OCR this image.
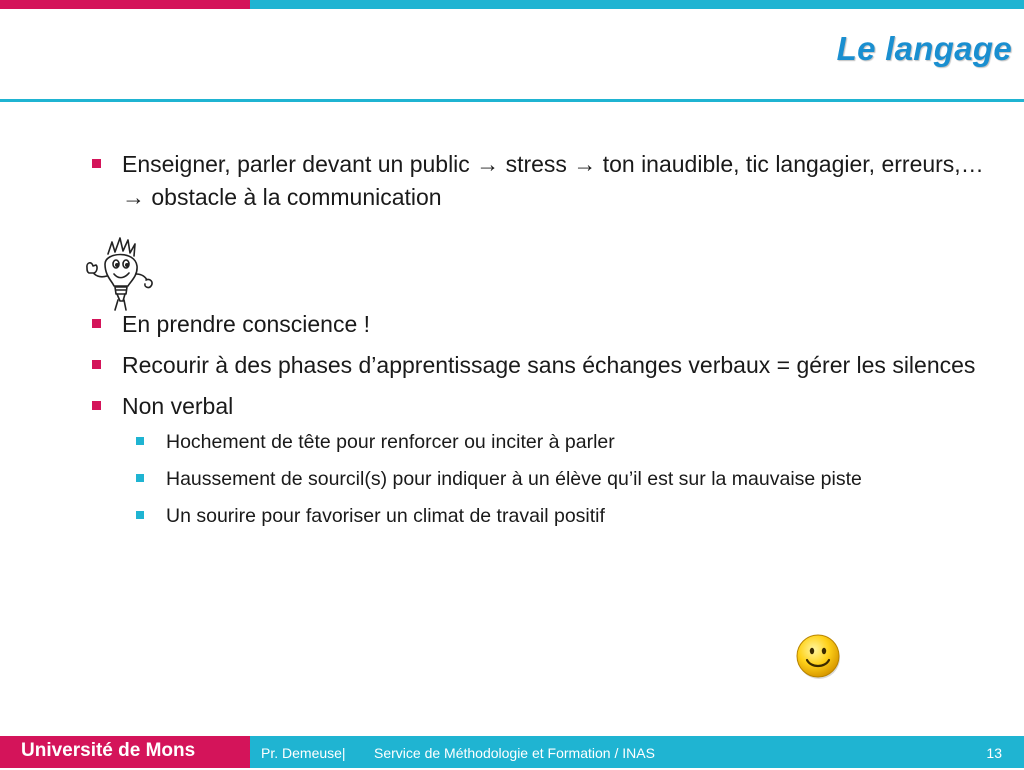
Le langage
Enseigner, parler devant un public → stress → ton inaudible, tic langagier, erreurs,… → obstacle à la communication
En prendre conscience !
Recourir à des phases d’apprentissage sans échanges verbaux = gérer les silences
Non verbal
Hochement de tête pour renforcer ou inciter à parler
Haussement de sourcil(s) pour indiquer à un élève qu’il est sur la mauvaise piste
Un sourire pour favoriser un climat de travail positif
Université de Mons	Pr. Demeuse| Service de Méthodologie et Formation / INAS	13
